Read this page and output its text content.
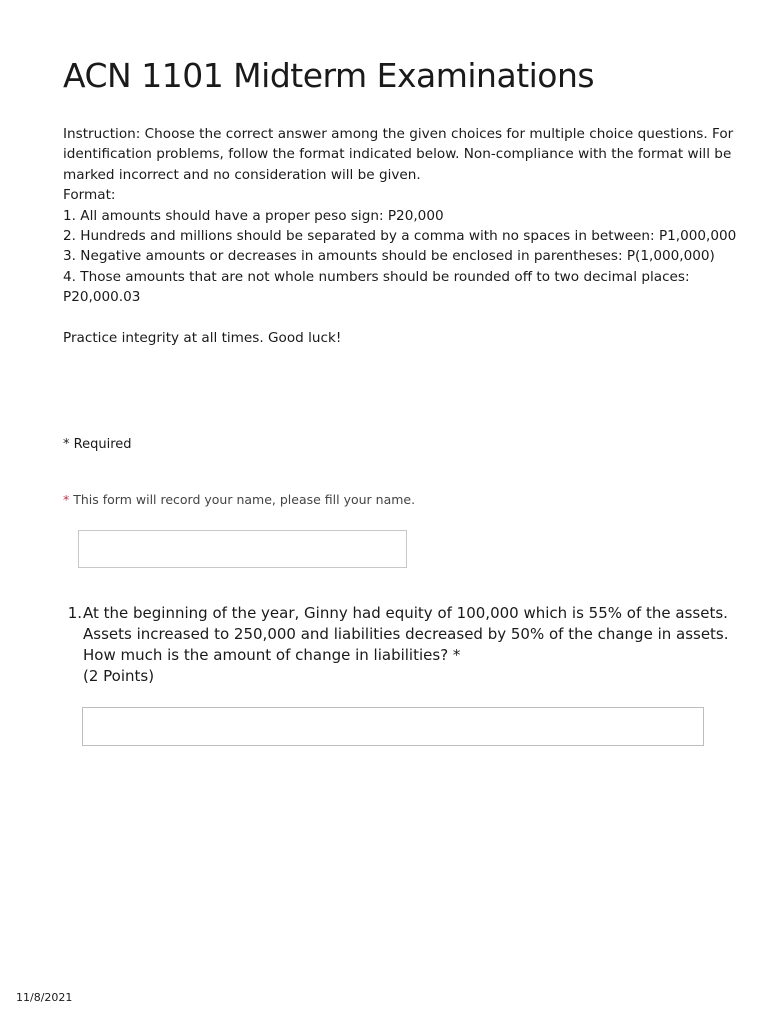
ACN 1101 Midterm Examinations
Instruction: Choose the correct answer among the given choices for multiple choice questions. For
identification problems, follow the format indicated below. Non-compliance with the format will be
marked incorrect and no consideration will be given.
Format:
1. All amounts should have a proper peso sign: P20,000
2. Hundreds and millions should be separated by a comma with no spaces in between: P1,000,000
3. Negative amounts or decreases in amounts should be enclosed in parentheses: P(1,000,000)
4. Those amounts that are not whole numbers should be rounded off to two decimal places:
P20,000.03
Practice integrity at all times. Good luck!
* Required
* This form will record your name, please fill your name.
1. At the beginning of the year, Ginny had equity of 100,000 which is 55% of the assets.
Assets increased to 250,000 and liabilities decreased by 50% of the change in assets.
How much is the amount of change in liabilities? *
(2 Points)
11/8/2021
